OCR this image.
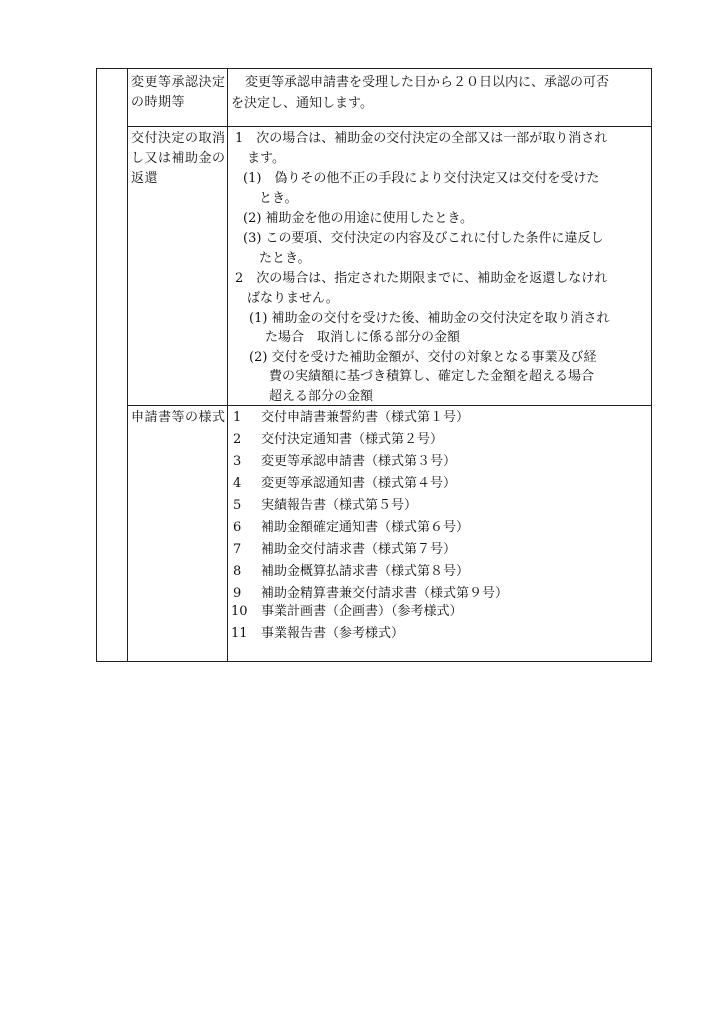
変更等承認決定の時期等
変更等承認申請書を受理した日から２０日以内に、承認の可否
を決定し、通知します。
交付決定の取消し又は補助金の返還
1　次の場合は、補助金の交付決定の全部又は一部が取り消され
ます。
(1)　偽りその他不正の手段により交付決定又は交付を受けた
とき。
(2) 補助金を他の用途に使用したとき。
(3) この要項、交付決定の内容及びこれに付した条件に違反し
たとき。
2　次の場合は、指定された期限までに、補助金を返還しなけれ
ばなりません。
(1) 補助金の交付を受けた後、補助金の交付決定を取り消され
た場合　取消しに係る部分の金額
(2) 交付を受けた補助金額が、交付の対象となる事業及び経
費の実績額に基づき積算し、確定した金額を超える場合
超える部分の金額
申請書等の様式 1 交付申請書兼誓約書（様式第１号）
2 交付決定通知書（様式第２号）
3 変更等承認申請書（様式第３号）
4 変更等承認通知書（様式第４号）
5 実績報告書（様式第５号）
6 補助金額確定通知書（様式第６号）
7 補助金交付請求書（様式第７号）
8 補助金概算払請求書（様式第８号）
9 補助金精算書兼交付請求書（様式第９号）
10 事業計画書（企画書）（参考様式）
11 事業報告書（参考様式）
